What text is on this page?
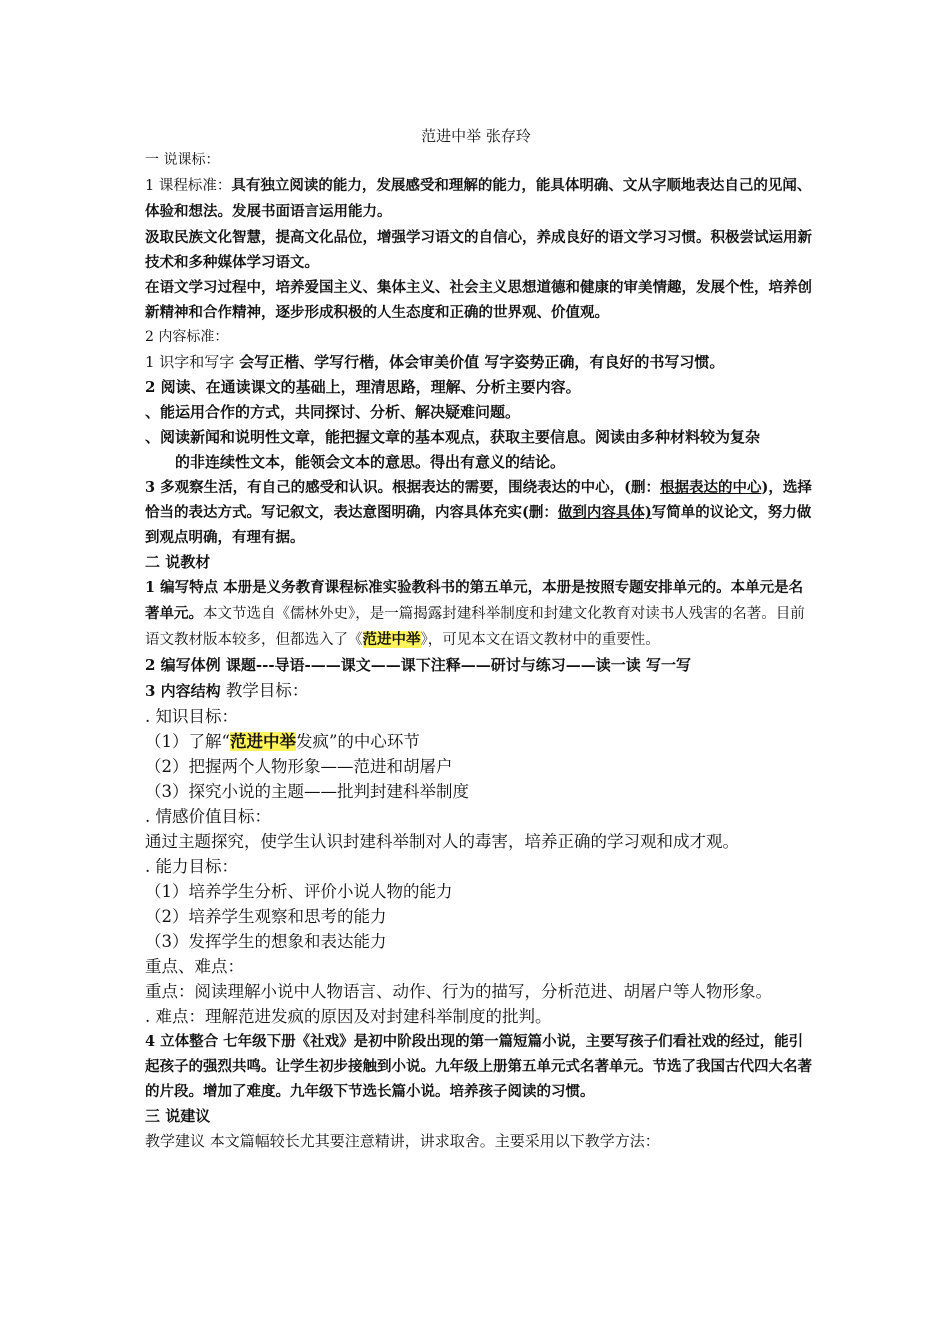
范进中举 张存玲
一 说课标：
1 课程标准：具有独立阅读的能力，发展感受和理解的能力，能具体明确、文从字顺地表达自己的见闻、体验和想法。发展书面语言运用能力。
汲取民族文化智慧，提高文化品位，增强学习语文的自信心，养成良好的语文学习习惯。积极尝试运用新技术和多种媒体学习语文。
在语文学习过程中，培养爱国主义、集体主义、社会主义思想道德和健康的审美情趣，发展个性，培养创新精神和合作精神，逐步形成积极的人生态度和正确的世界观、价值观。
2 内容标准：
1 识字和写字 会写正楷、学写行楷，体会审美价值 写字姿势正确，有良好的书写习惯。
2 阅读、在通读课文的基础上，理清思路，理解、分析主要内容。
、能运用合作的方式，共同探讨、分析、解决疑难问题。
、阅读新闻和说明性文章，能把握文章的基本观点，获取主要信息。阅读由多种材料较为复杂
的非连续性文本，能领会文本的意思。得出有意义的结论。
3 多观察生活，有自己的感受和认识。根据表达的需要，围绕表达的中心，(删：根据表达的中心)，选择恰当的表达方式。写记叙文，表达意图明确，内容具体充实(删：做到内容具体)写简单的议论文，努力做到观点明确，有理有据。
二 说教材
1 编写特点 本册是义务教育课程标准实验教科书的第五单元，本册是按照专题安排单元的。本单元是名著单元。本文节选自《儒林外史》，是一篇揭露封建科举制度和封建文化教育对读书人残害的名著。目前语文教材版本较多，但都选入了《范进中举》，可见本文在语文教材中的重要性。
2 编写体例 课题---导语-——课文——课下注释——研讨与练习——读一读 写一写
3 内容结构 教学目标：
. 知识目标：
（1）了解“范进中举发疯”的中心环节
（2）把握两个人物形象——范进和胡屠户
（3）探究小说的主题——批判封建科举制度
. 情感价值目标：
通过主题探究，使学生认识封建科举制对人的毒害，培养正确的学习观和成才观。
. 能力目标：
（1）培养学生分析、评价小说人物的能力
（2）培养学生观察和思考的能力
（3）发挥学生的想象和表达能力
重点、难点：
重点：阅读理解小说中人物语言、动作、行为的描写，分析范进、胡屠户等人物形象。
. 难点：理解范进发疯的原因及对封建科举制度的批判。
4 立体整合 七年级下册《社戏》是初中阶段出现的第一篇短篇小说，主要写孩子们看社戏的经过，能引起孩子的强烈共鸣。让学生初步接触到小说。九年级上册第五单元式名著单元。节选了我国古代四大名著的片段。增加了难度。九年级下节选长篇小说。培养孩子阅读的习惯。
三 说建议
教学建议 本文篇幅较长尤其要注意精讲，讲求取舍。主要采用以下教学方法：
